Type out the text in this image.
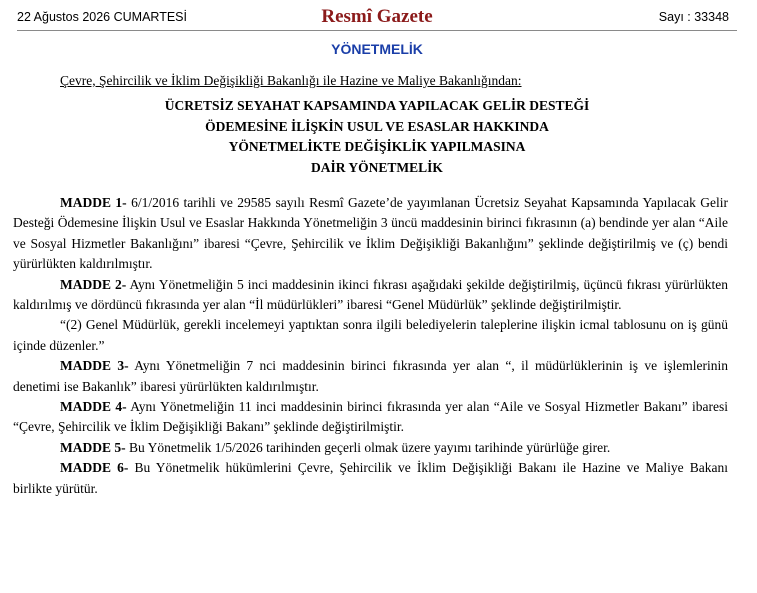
22 Ağustos 2026 CUMARTESİ	Resmî Gazete	Sayı : 33348
YÖNETMELİK
Çevre, Şehircilik ve İklim Değişikliği Bakanlığı ile Hazine ve Maliye Bakanlığından:
ÜCRETSİZ SEYAHAT KAPSAMINDA YAPILACAK GELİR DESTEĞİ
ÖDEMESİNE İLİŞKİN USUL VE ESASLAR HAKKINDA
YÖNETMELİKTE DEĞİŞİKLİK YAPILMASINA
DAİR YÖNETMELİK

MADDE 1- 6/1/2016 tarihli ve 29585 sayılı Resmî Gazete’de yayımlanan Ücretsiz Seyahat Kapsamında Yapılacak Gelir Desteği Ödemesine İlişkin Usul ve Esaslar Hakkında Yönetmeliğin 3 üncü maddesinin birinci fıkrasının (a) bendinde yer alan “Aile ve Sosyal Hizmetler Bakanlığını” ibaresi “Çevre, Şehircilik ve İklim Değişikliği Bakanlığını” şeklinde değiştirilmiş ve (ç) bendi yürürlükten kaldırılmıştır.

MADDE 2- Aynı Yönetmeliğin 5 inci maddesinin ikinci fıkrası aşağıdaki şekilde değiştirilmiş, üçüncü fıkrası yürürlükten kaldırılmış ve dördüncü fıkrasında yer alan “İl müdürlükleri” ibaresi “Genel Müdürlük” şeklinde değiştirilmiştir.

“(2) Genel Müdürlük, gerekli incelemeyi yaptıktan sonra ilgili belediyelerin taleplerine ilişkin icmal tablosunu on iş günü içinde düzenler.”

MADDE 3- Aynı Yönetmeliğin 7 nci maddesinin birinci fıkrasında yer alan “, il müdürlüklerinin iş ve işlemlerinin denetimi ise Bakanlık” ibaresi yürürlükten kaldırılmıştır.

MADDE 4- Aynı Yönetmeliğin 11 inci maddesinin birinci fıkrasında yer alan “Aile ve Sosyal Hizmetler Bakanı” ibaresi “Çevre, Şehircilik ve İklim Değişikliği Bakanı” şeklinde değiştirilmiştir.

MADDE 5- Bu Yönetmelik 1/5/2026 tarihinden geçerli olmak üzere yayımı tarihinde yürürlüğe girer.

MADDE 6- Bu Yönetmelik hükümlerini Çevre, Şehircilik ve İklim Değişikliği Bakanı ile Hazine ve Maliye Bakanı birlikte yürütür.
